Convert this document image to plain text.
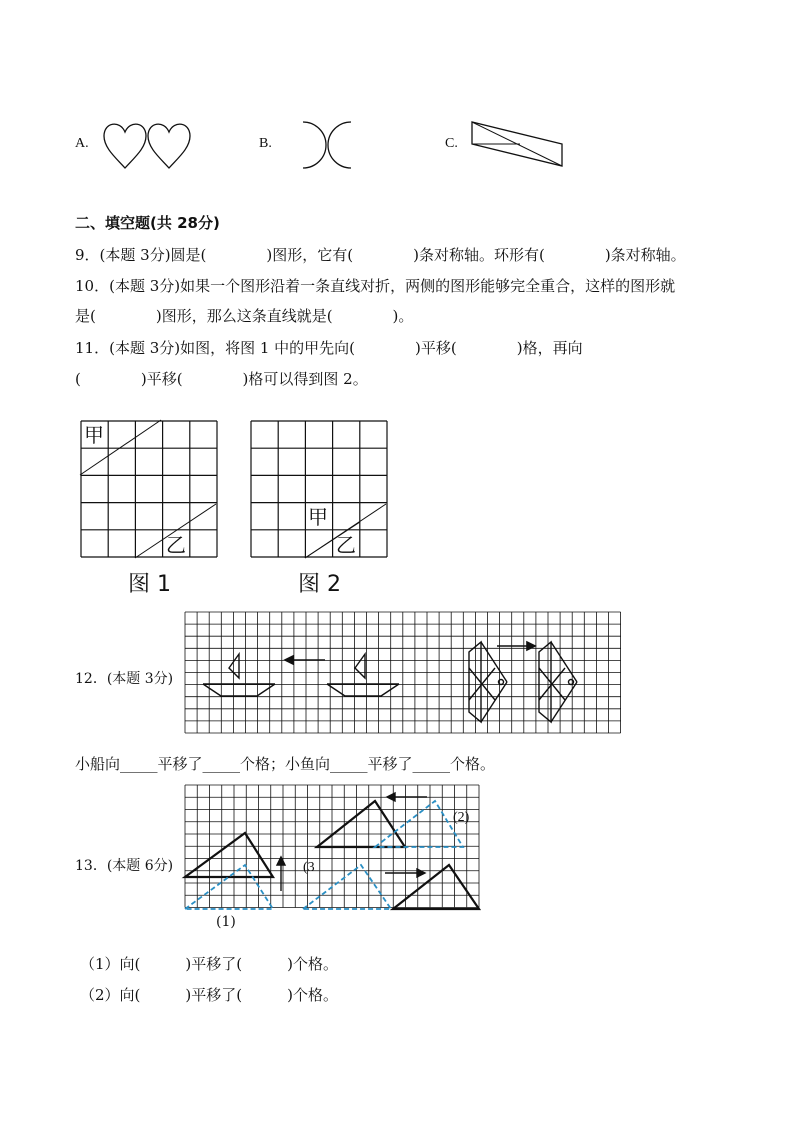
A.	B.	C.
二、填空题(共 28分)
9．(本题 3分)圆是(　　　　)图形，它有(　　　　)条对称轴。环形有(　　　　)条对称轴。
10．(本题 3分)如果一个图形沿着一条直线对折，两侧的图形能够完全重合，这样的图形就
是(　　　　)图形，那么这条直线就是(　　　　)。
11．(本题 3分)如图，将图 1 中的甲先向(　　　　)平移(　　　　)格，再向
(　　　　)平移(　　　　)格可以得到图 2。
甲
乙
图 1
甲
乙
图 2
12．(本题 3分)
小船向_____平移了_____个格；小鱼向_____平移了_____个格。
13．(本题 6分)
(2)
(3
(1)
（1）向(　　　)平移了(　　　)个格。
（2）向(　　　)平移了(　　　)个格。
